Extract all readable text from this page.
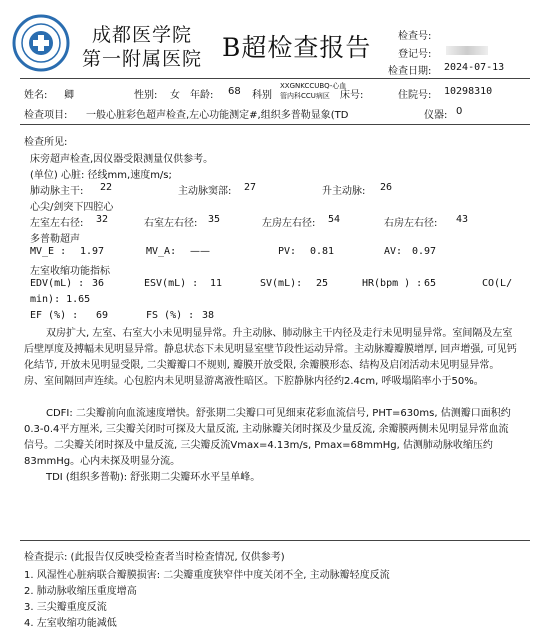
成都医学院
第一附属医院 B超检查报告	检查号:
登记号:
检查日期: 2024-07-13
姓名: 卿	性别: 女 年龄: 68 科别
XXGNKCCUBQ-心血
管内科CCU病区 床号:	住院号: 10298310
检查项目: 一般心脏彩色超声检查,左心功能测定#,组织多普勒显象(TD	仪器: 0
检查所见:
床旁超声检查,因仪器受限测量仅供参考。
(单位) 心脏: 径线mm,速度m/s;
肺动脉主干: 22	主动脉窦部: 27	升主动脉: 26
心尖/剑突下四腔心
左室左右径: 32	右室左右径: 35	左房左右径: 54	右房左右径: 43
多普勒超声
MV_E : 1.97	MV_A: ——	PV: 0.81	AV: 0.97
左室收缩功能指标
EDV(mL) : 36	ESV(mL) : 11	SV(mL): 25	HR(bpm ) : 65	CO(L/
min): 1.65
EF (%) : 69	FS (%) : 38
双房扩大, 左室、右室大小未见明显异常。升主动脉、肺动脉主干内径及走行未见明显异常。室间隔及左室后壁厚度及搏幅未见明显异常。静息状态下未见明显室壁节段性运动异常。主动脉瓣瓣膜增厚, 回声增强, 可见钙化结节, 开放未见明显受限, 二尖瓣瓣口不规则, 瓣膜开放受限, 余瓣膜形态、结构及启闭活动未见明显异常。房、室间隔回声连续。心包腔内未见明显游离液性暗区。下腔静脉内径约2.4cm, 呼吸塌陷率小于50%。
CDFI: 二尖瓣前向血流速度增快。舒张期二尖瓣口可见细束花彩血流信号, PHT=630ms, 估测瓣口面积约0.3-0.4平方厘米, 三尖瓣关闭时可探及大量反流, 主动脉瓣关闭时探及少量反流, 余瓣膜两侧未见明显异常血流信号。二尖瓣关闭时探及中量反流, 三尖瓣反流Vmax=4.13m/s, Pmax=68mmHg, 估测肺动脉收缩压约83mmHg。心内未探及明显分流。
TDI (组织多普勒): 舒张期二尖瓣环水平呈单峰。
检查提示: (此报告仅反映受检查者当时检查情况, 仅供参考)
1. 风湿性心脏病联合瓣膜损害: 二尖瓣重度狭窄伴中度关闭不全, 主动脉瓣轻度反流
2. 肺动脉收缩压重度增高
3. 三尖瓣重度反流
4. 左室收缩功能减低
